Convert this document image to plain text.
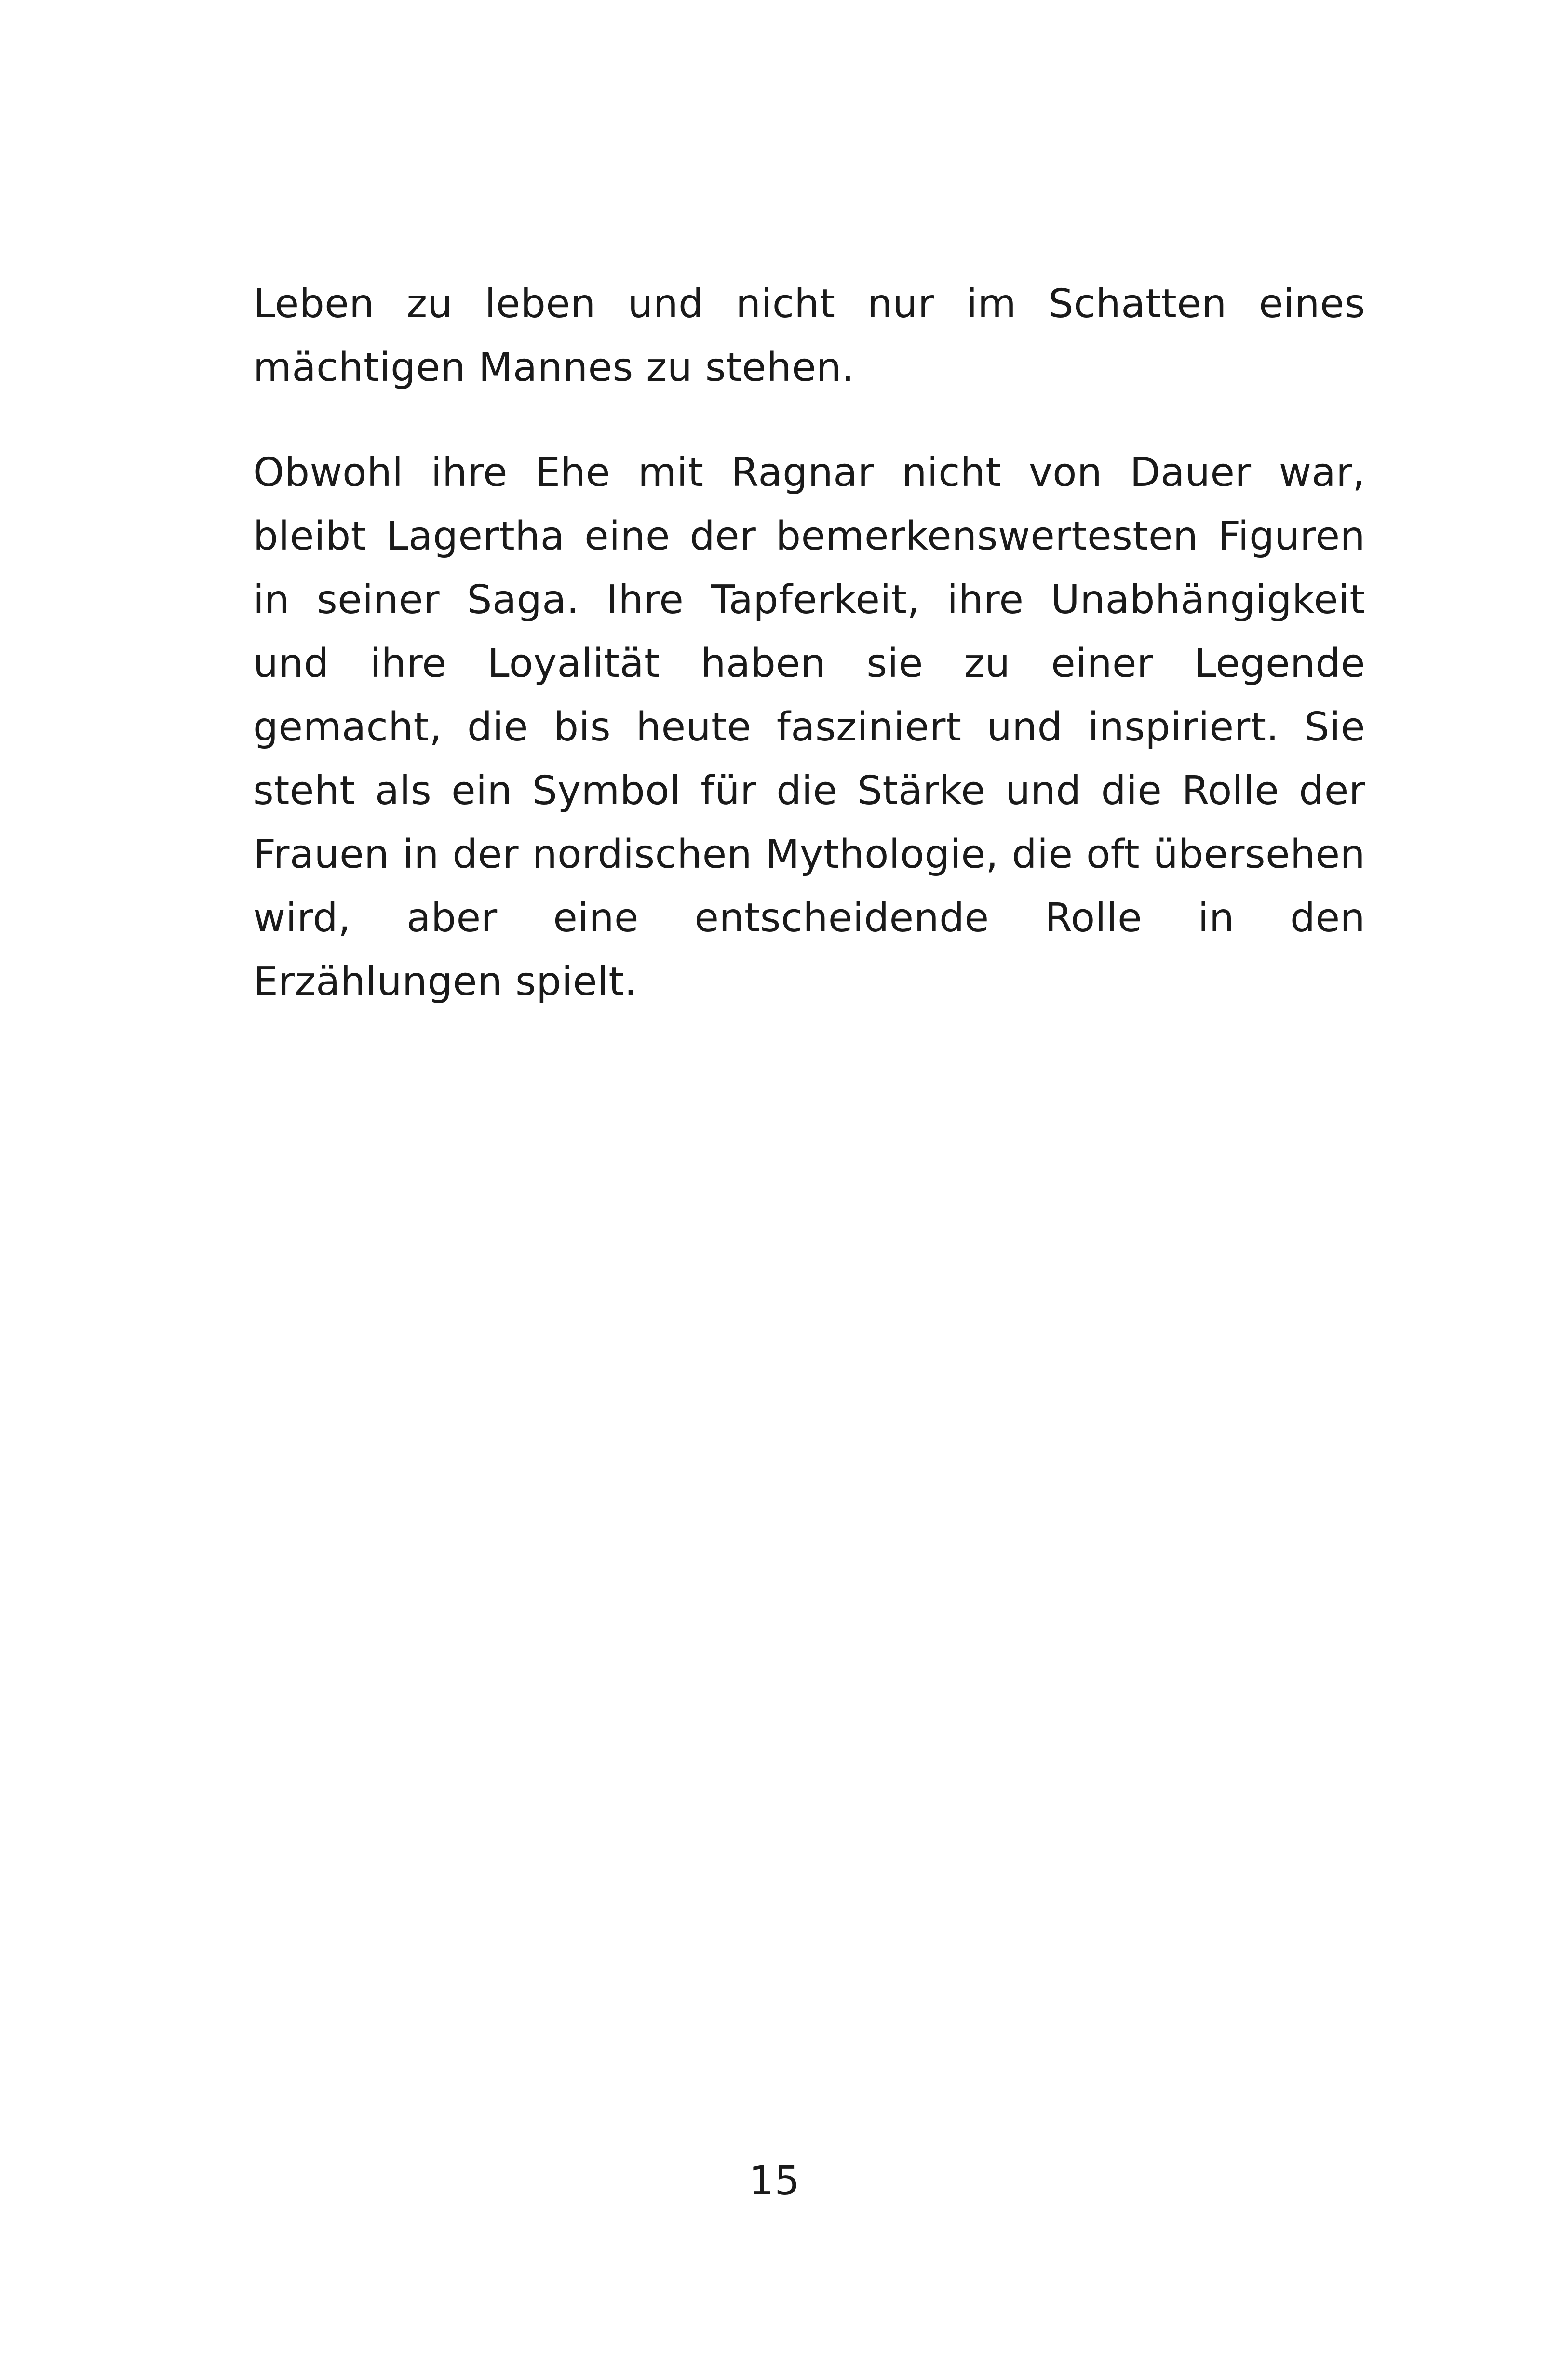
Leben zu leben und nicht nur im Schatten eines mächtigen Mannes zu stehen.

Obwohl ihre Ehe mit Ragnar nicht von Dauer war, bleibt Lagertha eine der bemerkenswertesten Figuren in seiner Saga. Ihre Tapferkeit, ihre Unabhängigkeit und ihre Loyalität haben sie zu einer Legende gemacht, die bis heute fasziniert und inspiriert. Sie steht als ein Symbol für die Stärke und die Rolle der Frauen in der nordischen Mythologie, die oft übersehen wird, aber eine entscheidende Rolle in den Erzählungen spielt.

15
